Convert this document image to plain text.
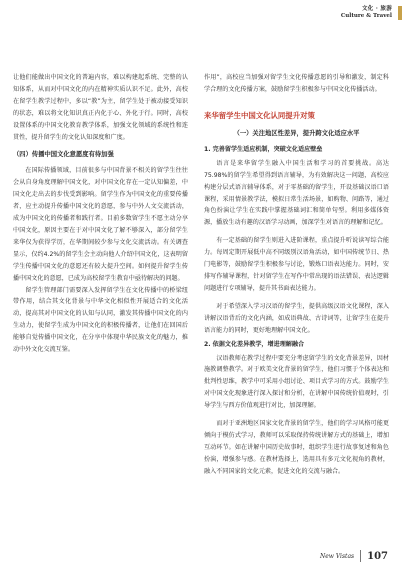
文化 · 旅游
Culture & Travel

让他们能做出中国文化的普遍内容，难以构建起系统、完整的认知体系，从而对中国文化的内在精神实质认识不足。此外，高校在留学生教学过程中，多以“教”为主，留学生处于被动接受知识的状态，难以将文化知识真正内化于心、外化于行。同时，高校设置体系的中国文化教育教学体系，加强文化领域的系统性和连贯性，提升留学生的文化认知深度和广度。

（四）传播中国文化意愿度有待加强

在国际传播领域，目前很多与中国背景不相关的留学生往往会从自身角度理解中国文化，对中国文化存在一定认知偏差，中国文化走出去的步伐受到影响。留学生作为中国文化的重要传播者，应主动提升传播中国文化的意愿，参与中外人文交流活动，成为中国文化的传播者和践行者。目前多数留学生不愿主动分享中国文化，原因主要在于对中国文化了解不够深入，部分留学生来华仅为获得学历，在华期间较少参与文化交流活动。有关调查显示，仅约4.2%的留学生会主动向他人介绍中国文化，这表明留学生传播中国文化的意愿还有较大提升空间。如何提升留学生传播中国文化的意愿，已成为高校留学生教育中亟待解决的问题。

留学生管理部门需要深入发挥留学生在文化传播中的桥梁纽带作用，结合其文化背景与中华文化相似性开展适合的文化活动，提高其对中国文化的认知与认同，激发其传播中国文化的内生动力，使留学生成为中国文化的积极传播者，让他们在回国后能够自觉传播中国文化，在分享中体现中华民族文化的魅力，推动中外文化交流互鉴。

作用”，高校应当加强对留学生文化传播意愿的引导和激发，制定科学合理的文化传播方案，鼓励留学生积极参与中国文化传播活动。

来华留学生中国文化认同提升对策
（一）关注地区性差异，提升跨文化适应水平
1. 完善留学生适应机制，突破文化适应壁垒

语言是来华留学生融入中国生活和学习的首要挑战。高达75.98%的留学生希望得到语言辅导，为有效解决这一问题，高校应构建分层式语言辅导体系，对于零基础的留学生，开设基础汉语口语课程，采用情景教学法，模拟日常生活场景，如购物、问路等，通过角色扮演让学生在实践中掌握基础词汇和简单句型。利用多媒体资源，播放生动有趣的汉语学习动画，加深学生对语言的理解和记忆。

有一定基础的留学生则进入进阶课程，重点提升听说读写综合能力。每周定期开展低中高不同级别汉语角活动，如中国传统节日、热门电影等，鼓励留学生积极参与讨论，锻炼口语表达能力。同时，安排写作辅导课程，针对留学生在写作中常出现的语法错误、表达逻辑问题进行专项辅导，提升其书面表达能力。

对于希望深入学习汉语的留学生，提供高级汉语文化课程，深入讲解汉语背后的文化内涵，如成语典故、古诗词等，让留学生在提升语言能力的同时，更好地理解中国文化。

2. 依据文化差异教学，增进理解融合

汉语教师在教学过程中要充分考虑留学生的文化背景差异，因材施教调整教学。对于欧美文化背景的留学生，他们习惯于个体表达和批判性思维，教学中可采用小组讨论、项目式学习的方式。鼓励学生对中国文化现象进行深入探讨和分析，在讲解中国传统价值观时，引导学生与西方价值观进行对比，加深理解。

而对于亚洲地区国家文化背景的留学生，他们的学习风格可能更倾向于模仿式学习，教师可以采取保持传统讲解方式的基础上，增加互动环节。如在讲解中国历史故事时，组织学生进行故事复述和角色扮演，增强参与感。在教材选择上，选用具有多元文化视角的教材，融入不同国家的文化元素，促进文化的交流与融合。

New Vistas 107
